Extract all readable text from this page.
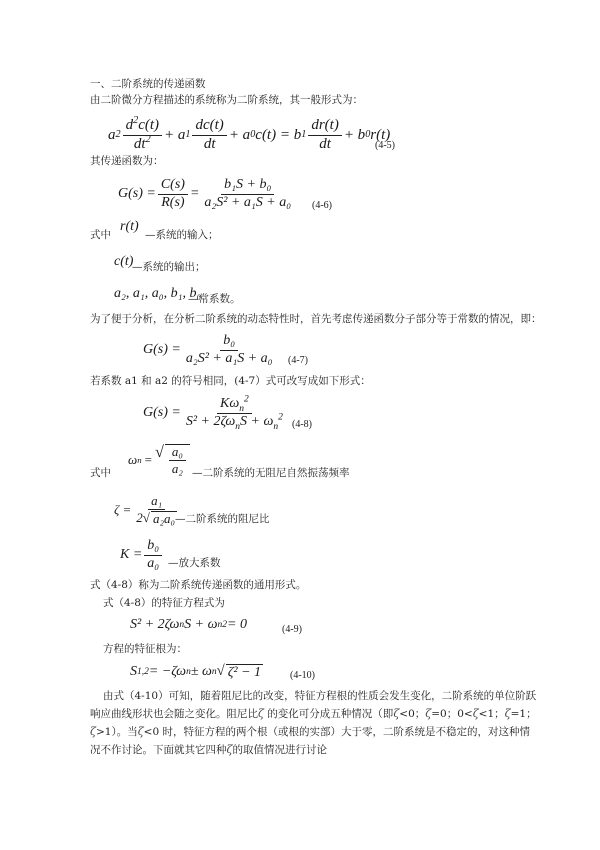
一、二阶系统的传递函数
由二阶微分方程描述的系统称为二阶系统，其一般形式为：
a $2 \frac{d^2c(t)}{dt^2} + a$ $1 \frac{dc(t)}{dt} + a$ 0 c(t) = b $1 \frac{dr(t)}{dt} + b$ 0 r(t)
(4-5)
其传递函数为：
$G(s) = \frac{C(s)}{R(s)} = \frac{\text{b₁S + b₀}}{\text{a₂S² + a₁S + a₀}} (4-6)$
式中
r(t)
—系统的输入；
c(t)
—系统的输出；
a₂, a₁, a₀, b₁, b₀
—常系数。
为了便于分析，在分析二阶系统的动态特性时，首先考虑传递函数分子部分等于常数的情况，即：
$G(s) = \frac{\text{b₀}}{\text{a₂S² + a₁S + a₀}} (4-7)$
若系数 a1 和 a2 的符号相同，(4-7）式可改写成如下形式：
$G(s) = \frac{K\omega_n^2}{S^2 + 2\zeta\omega_nS + \omega_n^2} (4-8)$
式中
ω n = √ $\frac{\text{a₀}}{\text{a₂}}$ —二阶系统的无阻尼自然振荡频率
$\zeta = \frac{\text{a₁}}{\text{2 √ a₂a₀}}$
—二阶系统的阻尼比
$K = \frac{\text{b₀}}{\text{a₀}}$ —放大系数
式（4-8）称为二阶系统传递函数的通用形式。
式（4-8）的特征方程式为
S² + 2ζω n S + ω n 2 = 0	(4-9)
方程的特征根为：
S 1,2 = −ζω n ± ω n √ ζ² − 1	(4-10)
由式（4-10）可知，随着阻尼比的改变，特征方程根的性质会发生变化，二阶系统的单位阶跃响应曲线形状也会随之变化。阻尼比ζ 的变化可分成五种情况（即ζ<0；ζ=0；0<ζ<1；ζ=1；ζ>1）。当ζ<0 时，特征方程的两个根（或根的实部）大于零，二阶系统是不稳定的，对这种情况不作讨论。下面就其它四种ζ的取值情况进行讨论
